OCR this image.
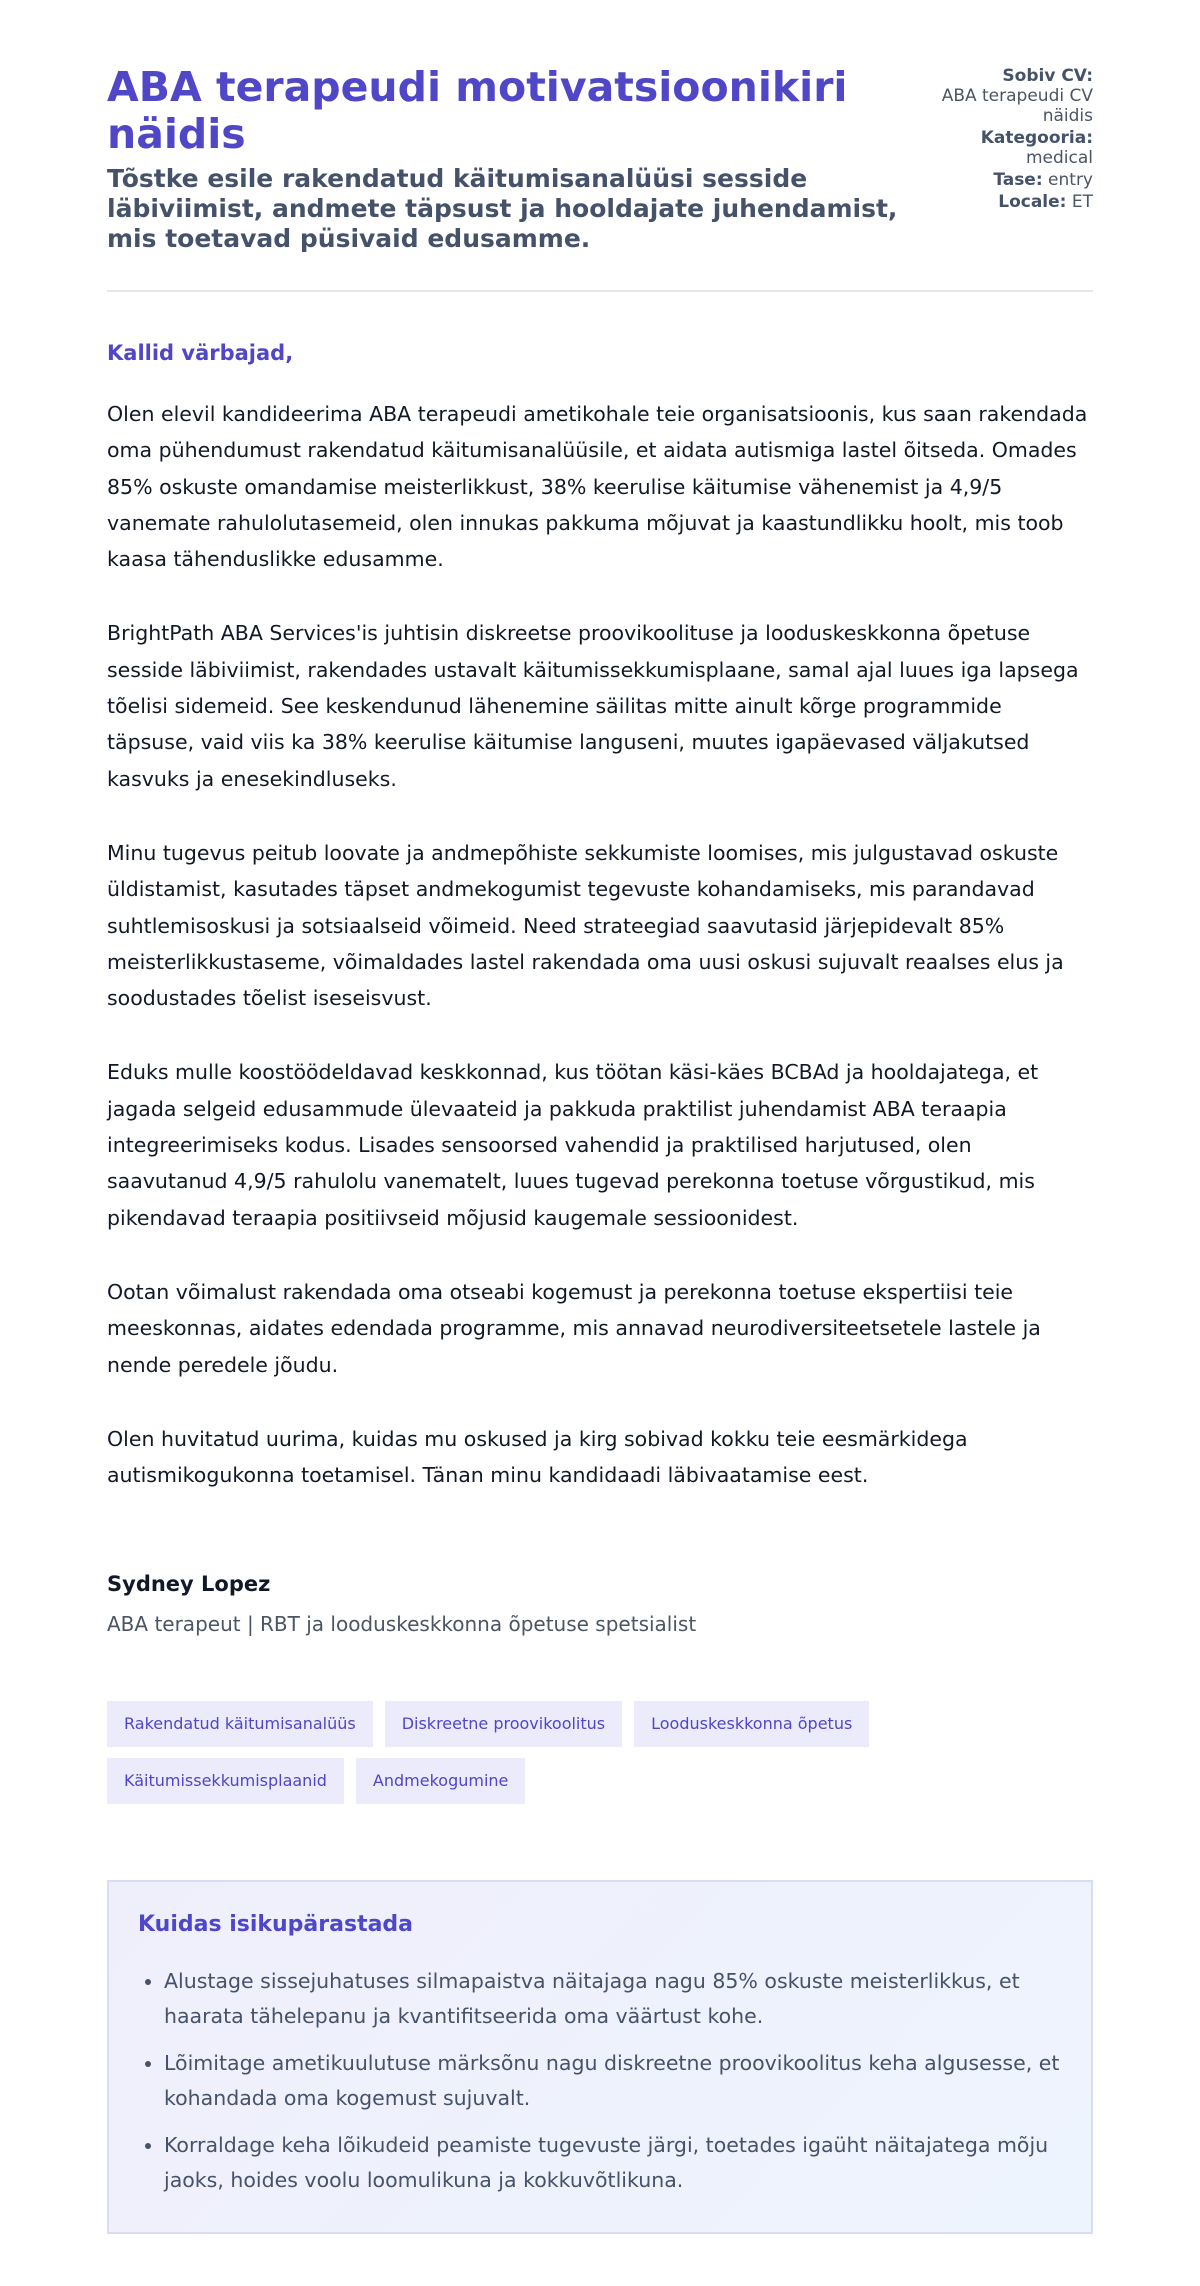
ABA terapeudi motivatsioonikiri näidis
Tõstke esile rakendatud käitumisanalüüsi sesside läbiviimist, andmete täpsust ja hooldajate juhendamist, mis toetavad püsivaid edusamme.
Sobiv CV:
ABA terapeudi CV näidis
Kategooria:
medical
Tase: entry
Locale: ET

Kallid värbajad,

Olen elevil kandideerima ABA terapeudi ametikohale teie organisatsioonis, kus saan rakendada oma pühendumust rakendatud käitumisanalüüsile, et aidata autismiga lastel õitseda. Omades 85% oskuste omandamise meisterlikkust, 38% keerulise käitumise vähenemist ja 4,9/5 vanemate rahulolutasemeid, olen innukas pakkuma mõjuvat ja kaastundlikku hoolt, mis toob kaasa tähenduslikke edusamme.

BrightPath ABA Services'is juhtisin diskreetse proovikoolituse ja looduskeskkonna õpetuse sesside läbiviimist, rakendades ustavalt käitumissekkumisplaane, samal ajal luues iga lapsega tõelisi sidemeid. See keskendunud lähenemine säilitas mitte ainult kõrge programmide täpsuse, vaid viis ka 38% keerulise käitumise languseni, muutes igapäevased väljakutsed kasvuks ja enesekindluseks.

Minu tugevus peitub loovate ja andmepõhiste sekkumiste loomises, mis julgustavad oskuste üldistamist, kasutades täpset andmekogumist tegevuste kohandamiseks, mis parandavad suhtlemisoskusi ja sotsiaalseid võimeid. Need strateegiad saavutasid järjepidevalt 85% meisterlikkustaseme, võimaldades lastel rakendada oma uusi oskusi sujuvalt reaalses elus ja soodustades tõelist iseseisvust.

Eduks mulle koostöödeldavad keskkonnad, kus töötan käsi-käes BCBAd ja hooldajatega, et jagada selgeid edusammude ülevaateid ja pakkuda praktilist juhendamist ABA teraapia integreerimiseks kodus. Lisades sensoorsed vahendid ja praktilised harjutused, olen saavutanud 4,9/5 rahulolu vanematelt, luues tugevad perekonna toetuse võrgustikud, mis pikendavad teraapia positiivseid mõjusid kaugemale sessioonidest.

Ootan võimalust rakendada oma otseabi kogemust ja perekonna toetuse ekspertiisi teie meeskonnas, aidates edendada programme, mis annavad neurodiversiteetsetele lastele ja nende peredele jõudu.

Olen huvitatud uurima, kuidas mu oskused ja kirg sobivad kokku teie eesmärkidega autismikogukonna toetamisel. Tänan minu kandidaadi läbivaatamise eest.

Sydney Lopez

ABA terapeut | RBT ja looduskeskkonna õpetuse spetsialist

Rakendatud käitumisanalüüs	Diskreetne proovikoolitus	Looduskeskkonna õpetus
Käitumissekkumisplaanid	Andmekogumine
Kuidas isikupärastada
• Alustage sissejuhatuses silmapaistva näitajaga nagu 85% oskuste meisterlikkus, et haarata tähelepanu ja kvantifitseerida oma väärtust kohe.
• Lõimitage ametikuulutuse märksõnu nagu diskreetne proovikoolitus keha algusesse, et kohandada oma kogemust sujuvalt.
• Korraldage keha lõikudeid peamiste tugevuste järgi, toetades igaüht näitajatega mõju jaoks, hoides voolu loomulikuna ja kokkuvõtlikuna.
